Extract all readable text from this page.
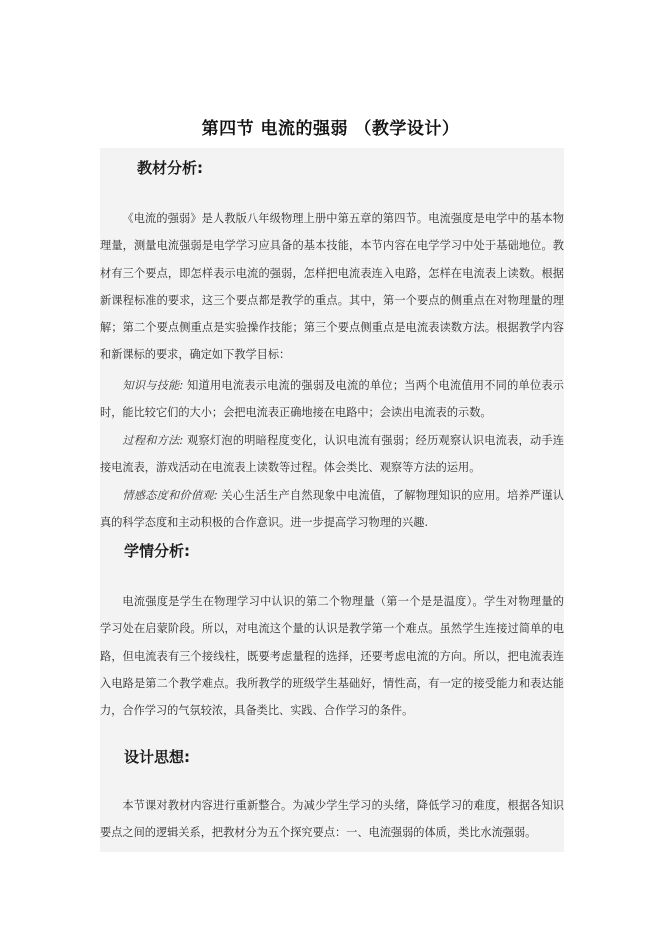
第四节 电流的强弱 （教学设计）
教材分析:

《电流的强弱》是人教版八年级物理上册中第五章的第四节。电流强度是电学中的基本物理量，测量电流强弱是电学学习应具备的基本技能，本节内容在电学学习中处于基础地位。教材有三个要点，即怎样表示电流的强弱，怎样把电流表连入电路，怎样在电流表上读数。根据新课程标准的要求，这三个要点都是教学的重点。其中，第一个要点的侧重点在对物理量的理解；第二个要点侧重点是实验操作技能；第三个要点侧重点是电流表读数方法。根据教学内容和新课标的要求，确定如下教学目标：

知识与技能: 知道用电流表示电流的强弱及电流的单位；当两个电流值用不同的单位表示时，能比较它们的大小；会把电流表正确地接在电路中；会读出电流表的示数。

过程和方法: 观察灯泡的明暗程度变化，认识电流有强弱；经历观察认识电流表，动手连接电流表，游戏活动在电流表上读数等过程。体会类比、观察等方法的运用。

情感态度和价值观: 关心生活生产自然现象中电流值，了解物理知识的应用。培养严谨认真的科学态度和主动积极的合作意识。进一步提高学习物理的兴趣.

学情分析:

电流强度是学生在物理学习中认识的第二个物理量（第一个是是温度）。学生对物理量的学习处在启蒙阶段。所以，对电流这个量的认识是教学第一个难点。虽然学生连接过简单的电路，但电流表有三个接线柱，既要考虑量程的选择，还要考虑电流的方向。所以，把电流表连入电路是第二个教学难点。我所教学的班级学生基础好，情性高，有一定的接受能力和表达能力，合作学习的气氛较浓，具备类比、实践、合作学习的条件。

设计思想:

本节课对教材内容进行重新整合。为减少学生学习的头绪，降低学习的难度，根据各知识要点之间的逻辑关系，把教材分为五个探究要点：一、电流强弱的体质，类比水流强弱。
